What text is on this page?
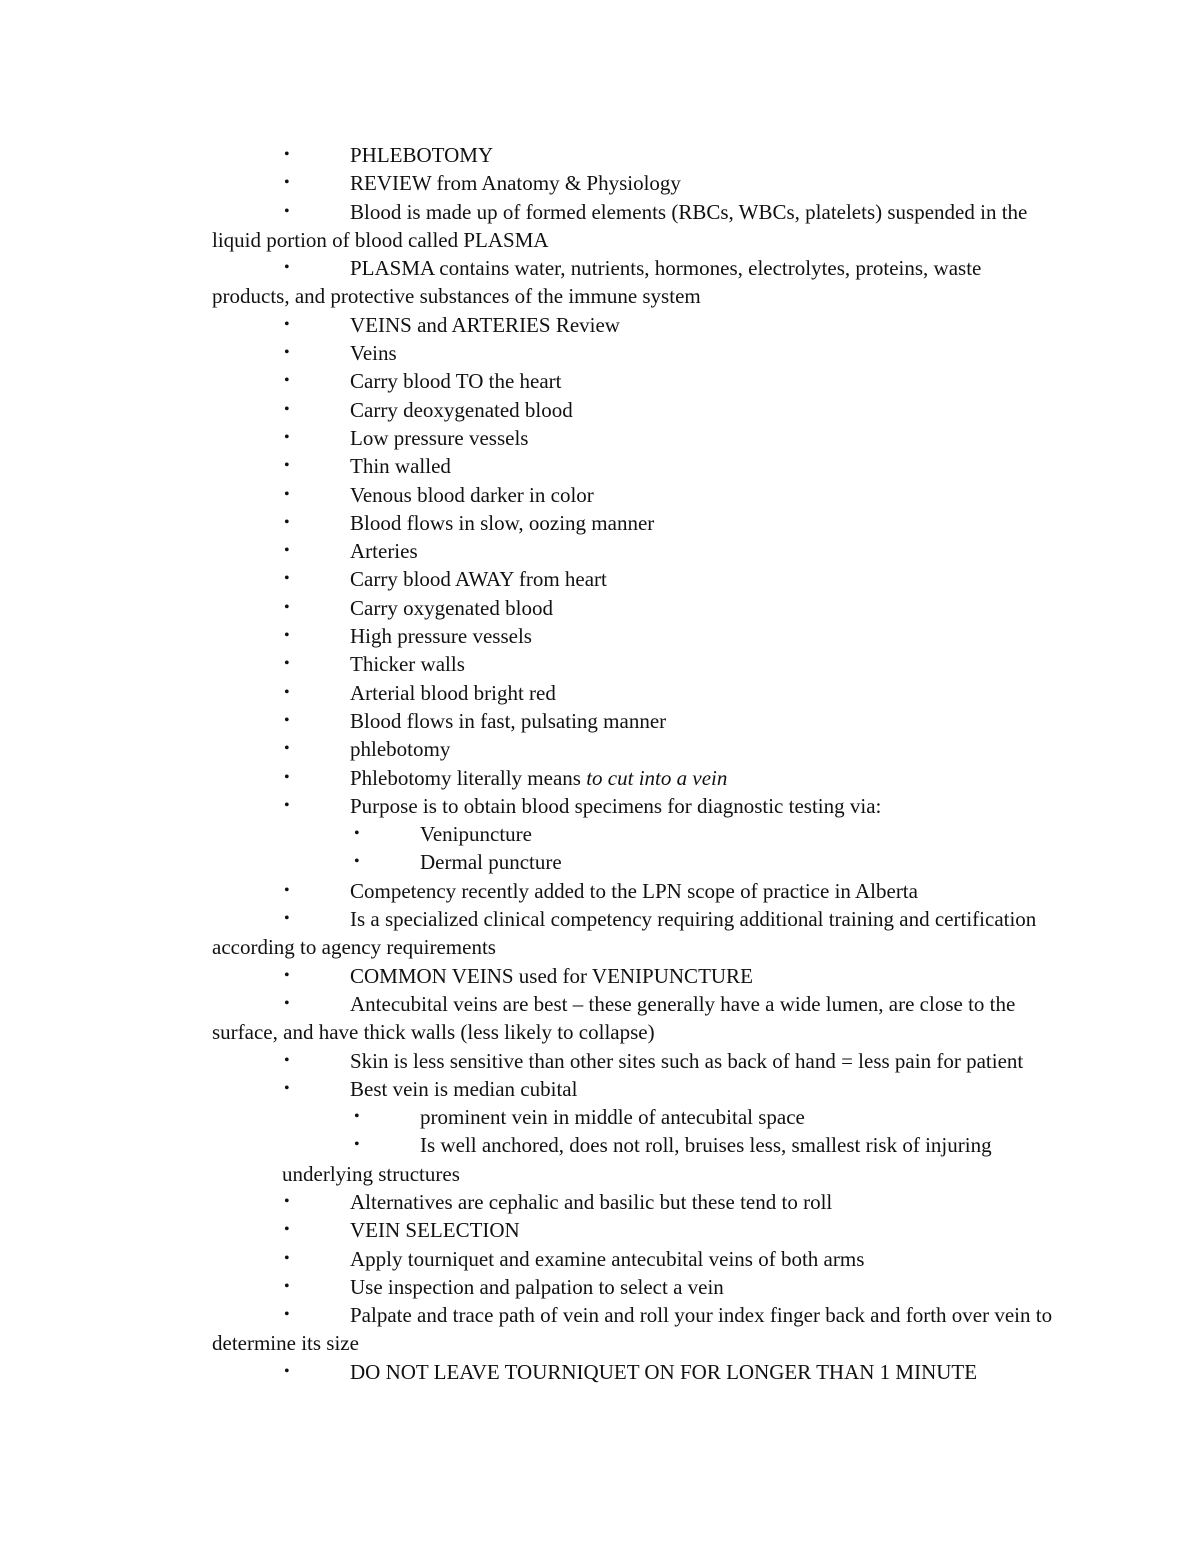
•	PHLEBOTOMY

•	REVIEW from Anatomy & Physiology

•	Blood is made up of formed elements (RBCs, WBCs, platelets) suspended in the liquid portion of blood called PLASMA

•	PLASMA contains water, nutrients, hormones, electrolytes, proteins, waste products, and protective substances of the immune system

•	VEINS and ARTERIES Review

•	Veins

•	Carry blood TO the heart

•	Carry deoxygenated blood

•	Low pressure vessels

•	Thin walled

•	Venous blood darker in color

•	Blood flows in slow, oozing manner

•	Arteries

•	Carry blood AWAY from heart

•	Carry oxygenated blood

•	High pressure vessels

•	Thicker walls

•	Arterial blood bright red

•	Blood flows in fast, pulsating manner

•	phlebotomy

•	Phlebotomy literally means to cut into a vein

•	Purpose is to obtain blood specimens for diagnostic testing via:

•	Venipuncture

•	Dermal puncture

•	Competency recently added to the LPN scope of practice in Alberta

•	Is a specialized clinical competency requiring additional training and certification according to agency requirements

•	COMMON VEINS used for VENIPUNCTURE

•	Antecubital veins are best – these generally have a wide lumen, are close to the surface, and have thick walls (less likely to collapse)

•	Skin is less sensitive than other sites such as back of hand = less pain for patient

•	Best vein is median cubital

•	prominent vein in middle of antecubital space

•	Is well anchored, does not roll, bruises less, smallest risk of injuring underlying structures

•	Alternatives are cephalic and basilic but these tend to roll

•	VEIN SELECTION

•	Apply tourniquet and examine antecubital veins of both arms

•	Use inspection and palpation to select a vein

•	Palpate and trace path of vein and roll your index finger back and forth over vein to determine its size

•	DO NOT LEAVE TOURNIQUET ON FOR LONGER THAN 1 MINUTE
